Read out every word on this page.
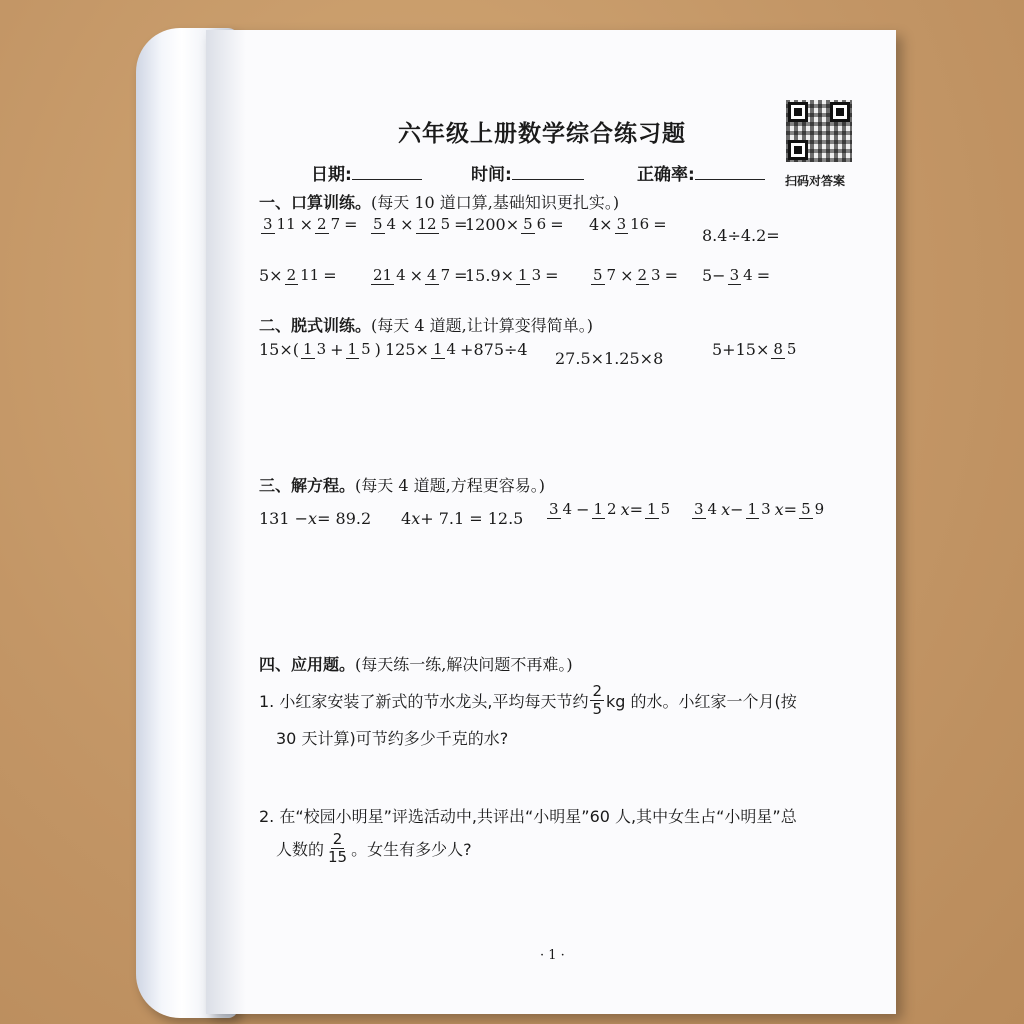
六年级上册数学综合练习题
日期:	时间:	正确率:	扫码对答案
一、口算训练。(每天 10 道口算,基础知识更扎实。)
3 11 × 2 7 = 5 4 × 12 5 =
1200× 5 6 = 4× 3 16 =
8.4÷4.2=
5× 2 11 = 21 4 × 4 7 =
15.9× 1 3 = 5 7 × 2 3 = 5− 3 4 =
二、脱式训练。(每天 4 道题,让计算变得简单。)
15×( 1 3 + 1 5 ) 125× 1 4 +875÷4 27.5×1.25×8	5+15× 8 5
三、解方程。(每天 4 道题,方程更容易。)
131 − x = 89.2 4 x + 7.1 = 12.5 3 4 − 1 2 x = 1 5 3 4 x − 1 3 x = 5 9
四、应用题。(每天练一练,解决问题不再难。)
1. 小红家安装了新式的节水龙头,平均每天节约 $\frac{2}{5}$ kg 的水。小红家一个月(按
30 天计算)可节约多少千克的水?
2. 在“校园小明星”评选活动中,共评出“小明星”60 人,其中女生占“小明星”总
人数的 $\frac{2}{15}$ 。女生有多少人?
· 1 ·
